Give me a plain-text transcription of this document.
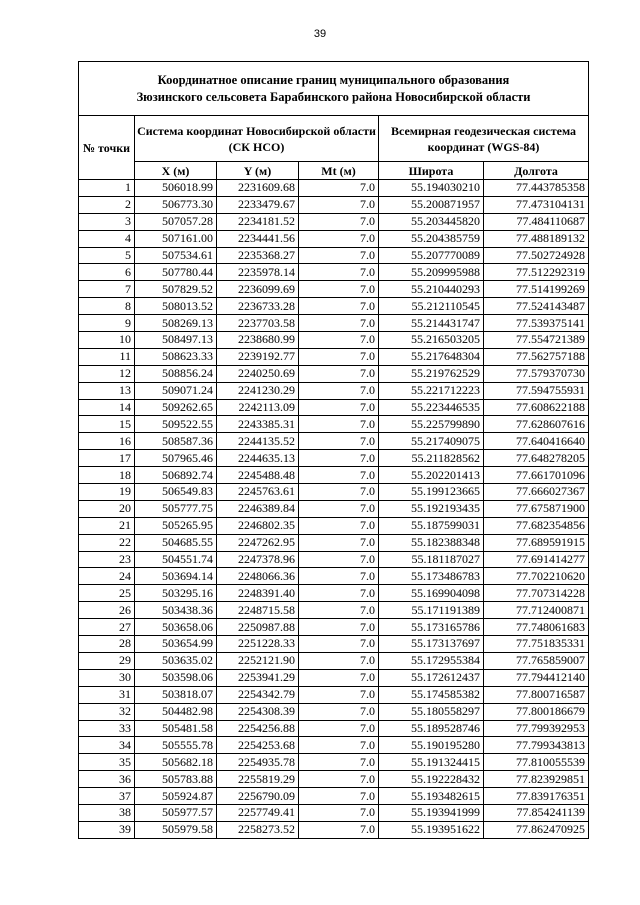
39
Координатное описание границ муниципального образования
Зюзинского сельсовета Барабинского района Новосибирской области					

№ точки	Система координат Новосибирской области (СК НСО)			Всемирная геодезическая система координат (WGS-84)	
	X (м)	Y (м)	Mt (м)	Широта	Долгота
1	506018.99	2231609.68	7.0	55.194030210	77.443785358
2	506773.30	2233479.67	7.0	55.200871957	77.473104131
3	507057.28	2234181.52	7.0	55.203445820	77.484110687
4	507161.00	2234441.56	7.0	55.204385759	77.488189132
5	507534.61	2235368.27	7.0	55.207770089	77.502724928
6	507780.44	2235978.14	7.0	55.209995988	77.512292319
7	507829.52	2236099.69	7.0	55.210440293	77.514199269
8	508013.52	2236733.28	7.0	55.212110545	77.524143487
9	508269.13	2237703.58	7.0	55.214431747	77.539375141
10	508497.13	2238680.99	7.0	55.216503205	77.554721389
11	508623.33	2239192.77	7.0	55.217648304	77.562757188
12	508856.24	2240250.69	7.0	55.219762529	77.579370730
13	509071.24	2241230.29	7.0	55.221712223	77.594755931
14	509262.65	2242113.09	7.0	55.223446535	77.608622188
15	509522.55	2243385.31	7.0	55.225799890	77.628607616
16	508587.36	2244135.52	7.0	55.217409075	77.640416640
17	507965.46	2244635.13	7.0	55.211828562	77.648278205
18	506892.74	2245488.48	7.0	55.202201413	77.661701096
19	506549.83	2245763.61	7.0	55.199123665	77.666027367
20	505777.75	2246389.84	7.0	55.192193435	77.675871900
21	505265.95	2246802.35	7.0	55.187599031	77.682354856
22	504685.55	2247262.95	7.0	55.182388348	77.689591915
23	504551.74	2247378.96	7.0	55.181187027	77.691414277
24	503694.14	2248066.36	7.0	55.173486783	77.702210620
25	503295.16	2248391.40	7.0	55.169904098	77.707314228
26	503438.36	2248715.58	7.0	55.171191389	77.712400871
27	503658.06	2250987.88	7.0	55.173165786	77.748061683
28	503654.99	2251228.33	7.0	55.173137697	77.751835331
29	503635.02	2252121.90	7.0	55.172955384	77.765859007
30	503598.06	2253941.29	7.0	55.172612437	77.794412140
31	503818.07	2254342.79	7.0	55.174585382	77.800716587
32	504482.98	2254308.39	7.0	55.180558297	77.800186679
33	505481.58	2254256.88	7.0	55.189528746	77.799392953
34	505555.78	2254253.68	7.0	55.190195280	77.799343813
35	505682.18	2254935.78	7.0	55.191324415	77.810055539
36	505783.88	2255819.29	7.0	55.192228432	77.823929851
37	505924.87	2256790.09	7.0	55.193482615	77.839176351
38	505977.57	2257749.41	7.0	55.193941999	77.854241139
39	505979.58	2258273.52	7.0	55.193951622	77.862470925
